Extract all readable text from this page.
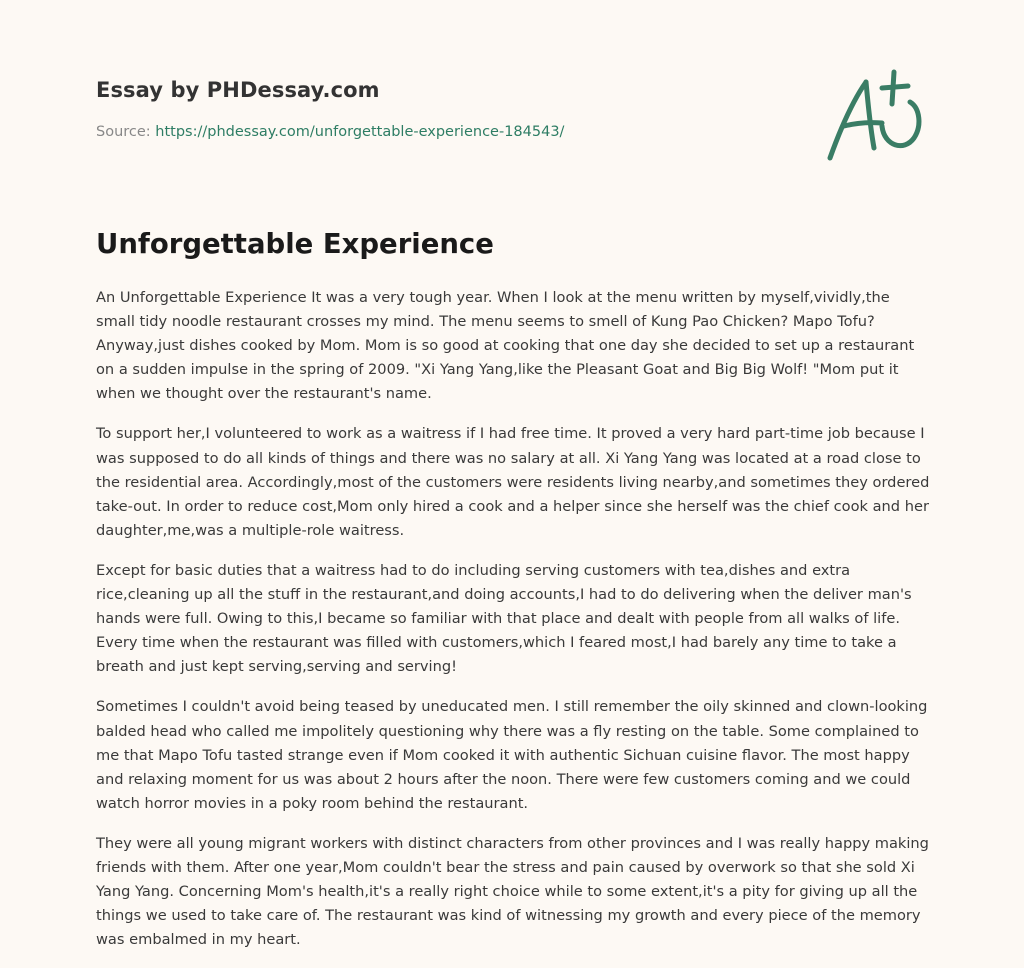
Essay by PHDessay.com
Source: https://phdessay.com/unforgettable-experience-184543/
Unforgettable Experience

An Unforgettable Experience It was a very tough year. When I look at the menu written by myself,vividly,the small tidy noodle restaurant crosses my mind. The menu seems to smell of Kung Pao Chicken? Mapo Tofu? Anyway,just dishes cooked by Mom. Mom is so good at cooking that one day she decided to set up a restaurant on a sudden impulse in the spring of 2009. "Xi Yang Yang,like the Pleasant Goat and Big Big Wolf! "Mom put it when we thought over the restaurant's name.

To support her,I volunteered to work as a waitress if I had free time. It proved a very hard part-time job because I was supposed to do all kinds of things and there was no salary at all. Xi Yang Yang was located at a road close to the residential area. Accordingly,most of the customers were residents living nearby,and sometimes they ordered take-out. In order to reduce cost,Mom only hired a cook and a helper since she herself was the chief cook and her daughter,me,was a multiple-role waitress.

Except for basic duties that a waitress had to do including serving customers with tea,dishes and extra rice,cleaning up all the stuff in the restaurant,and doing accounts,I had to do delivering when the deliver man's hands were full. Owing to this,I became so familiar with that place and dealt with people from all walks of life. Every time when the restaurant was filled with customers,which I feared most,I had barely any time to take a breath and just kept serving,serving and serving!

Sometimes I couldn't avoid being teased by uneducated men. I still remember the oily skinned and clown-looking balded head who called me impolitely questioning why there was a fly resting on the table. Some complained to me that Mapo Tofu tasted strange even if Mom cooked it with authentic Sichuan cuisine flavor. The most happy and relaxing moment for us was about 2 hours after the noon. There were few customers coming and we could watch horror movies in a poky room behind the restaurant.

They were all young migrant workers with distinct characters from other provinces and I was really happy making friends with them. After one year,Mom couldn't bear the stress and pain caused by overwork so that she sold Xi Yang Yang. Concerning Mom's health,it's a really right choice while to some extent,it's a pity for giving up all the things we used to take care of. The restaurant was kind of witnessing my growth and every piece of the memory was embalmed in my heart.
